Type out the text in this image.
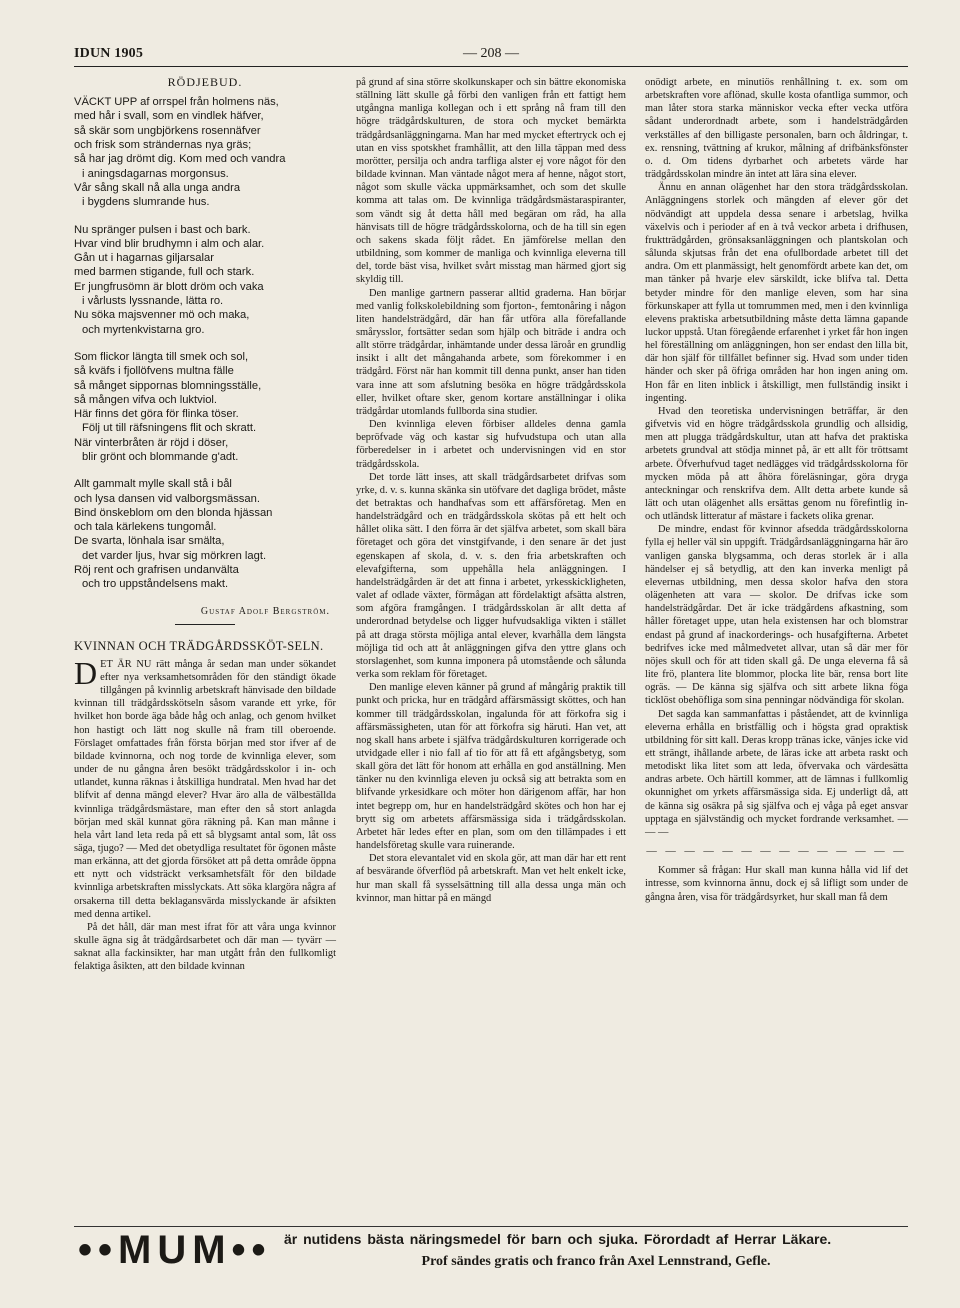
IDUN 1905	— 208 —
RÖDJEBUD.
VÄCKT UPP af orrspel från holmens näs,
med hår i svall, som en vindlek häfver,
så skär som ungbjörkens rosennäfver
och frisk som strändernas nya gräs;
så har jag drömt dig. Kom med och vandra
i aningsdagarnas morgonsus.
Vår sång skall nå alla unga andra
i bygdens slumrande hus.
Nu spränger pulsen i bast och bark.
Hvar vind blir brudhymn i alm och alar.
Gån ut i hagarnas giljarsalar
med barmen stigande, full och stark.
Er jungfrusömn är blott dröm och vaka
i vårlusts lyssnande, lätta ro.
Nu söka majsvenner mö och maka,
och myrtenkvistarna gro.
Som flickor längta till smek och sol,
så kväfs i fjollöfvens multna fälle
så månget sippornas blomningsställe,
så mången vifva och luktviol.
Här finns det göra för flinka töser.
Följ ut till räfsningens flit och skratt.
När vinterbråten är röjd i döser,
blir grönt och blommande g'adt.
Allt gammalt mylle skall stå i bål
och lysa dansen vid valborgsmässan.
Bind önskeblom om den blonda hjässan
och tala kärlekens tungomål.
De svarta, lönhala isar smälta,
det varder ljus, hvar sig mörkren lagt.
Röj rent och grafrisen undanvälta
och tro uppståndelsens makt.
Gustaf Adolf Bergström.
KVINNAN OCH TRÄDGÅRDSSKÖT-SELN.

DET ÄR NU rätt många år sedan man under sökandet efter nya verksamhetsområden för den ständigt ökade tillgången på kvinnlig arbetskraft hänvisade den bildade kvinnan till trädgårdsskötseln såsom varande ett yrke, för hvilket hon borde äga både håg och anlag, och genom hvilket hon hastigt och lätt nog skulle nå fram till oberoende. Förslaget omfattades från första början med stor ifver af de bildade kvinnorna, och nog torde de kvinnliga elever, som under de nu gångna åren besökt trädgårdsskolor i in- och utlandet, kunna räknas i åtskilliga hundratal. Men hvad har det blifvit af denna mängd elever? Hvar äro alla de välbeställda kvinnliga trädgårdsmästare, man efter den så stort anlagda början med skäl kunnat göra räkning på. Kan man månne i hela vårt land leta reda på ett så blygsamt antal som, låt oss säga, tjugo? — Med det obetydliga resultatet för ögonen måste man erkänna, att det gjorda försöket att på detta område öppna ett nytt och vidsträckt verksamhetsfält för den bildade kvinnliga arbetskraften misslyckats. Att söka klargöra några af orsakerna till detta beklagansvärda misslyckande är afsikten med denna artikel.

På det håll, där man mest ifrat för att våra unga kvinnor skulle ägna sig åt trädgårdsarbetet och där man — tyvärr — saknat alla fackinsikter, har man utgått från den fullkomligt felaktiga åsikten, att den bildade kvinnan

på grund af sina större skolkunskaper och sin bättre ekonomiska ställning lätt skulle gå förbi den vanligen från ett fattigt hem utgångna manliga kollegan och i ett språng nå fram till den högre trädgårdskulturen, de stora och mycket bemärkta trädgårdsanläggningarna. Man har med mycket eftertryck och ej utan en viss spotskhet framhållit, att den lilla täppan med dess morötter, persilja och andra tarfliga alster ej vore något för den bildade kvinnan. Man väntade något mera af henne, något stort, något som skulle väcka uppmärksamhet, och som det skulle komma att talas om. De kvinnliga trädgårdsmästaraspiranter, som vändt sig åt detta håll med begäran om råd, ha alla hänvisats till de högre trädgårdsskolorna, och de ha till sin egen och sakens skada följt rådet. En jämförelse mellan den utbildning, som kommer de manliga och kvinnliga eleverna till del, torde bäst visa, hvilket svårt misstag man härmed gjort sig skyldig till.

Den manlige gartnern passerar alltid graderna. Han börjar med vanlig folkskolebildning som fjorton-, femtonåring i någon liten handelsträdgård, där han får utföra alla förefallande smårysslor, fortsätter sedan som hjälp och biträde i andra och allt större trädgårdar, inhämtande under dessa läroår en grundlig insikt i allt det mångahanda arbete, som förekommer i en trädgård. Först när han kommit till denna punkt, anser han tiden vara inne att som afslutning besöka en högre trädgårdsskola eller, hvilket oftare sker, genom kortare anställningar i olika trädgårdar utomlands fullborda sina studier.

Den kvinnliga eleven förbiser alldeles denna gamla bepröfvade väg och kastar sig hufvudstupa och utan alla förberedelser in i arbetet och undervisningen vid en stor trädgårdsskola.

Det torde lätt inses, att skall trädgårdsarbetet drifvas som yrke, d. v. s. kunna skänka sin utöfvare det dagliga brödet, måste det betraktas och handhafvas som ett affärsföretag. Men en handelsträdgård och en trädgårdsskola skötas på ett helt och hållet olika sätt. I den förra är det själfva arbetet, som skall bära företaget och göra det vinstgifvande, i den senare är det just egenskapen af skola, d. v. s. den fria arbetskraften och elevafgifterna, som uppehålla hela anläggningen. I handelsträdgården är det att finna i arbetet, yrkesskickligheten, valet af odlade växter, förmågan att fördelaktigt afsätta alstren, som afgöra framgången. I trädgårdsskolan är allt detta af underordnad betydelse och ligger hufvudsakliga vikten i stället på att draga största möjliga antal elever, kvarhålla dem längsta möjliga tid och att åt anläggningen gifva den yttre glans och storslagenhet, som kunna imponera på utomstående och sålunda verka som reklam för företaget.

Den manlige eleven känner på grund af mångårig praktik till punkt och pricka, hur en trädgård affärsmässigt sköttes, och han kommer till trädgårdsskolan, ingalunda för att förkofra sig i affärsmässigheten, utan för att förkofra sig häruti. Han vet, att nog skall hans arbete i själfva trädgårdskulturen korrigerade och utvidgade eller i nio fall af tio för att få ett afgångsbetyg, som skall göra det lätt för honom att erhålla en god anställning. Men tänker nu den kvinnliga eleven ju också sig att betrakta som en blifvande yrkesidkare och möter hon därigenom affär, har hon intet begrepp om, hur en handelsträdgård skötes och hon har ej brytt sig om arbetets affärsmässiga sida i trädgårdsskolan. Arbetet här ledes efter en plan, som om den tillämpades i ett handelsföretag skulle vara ruinerande.

Det stora elevantalet vid en skola gör, att man där har ett rent af besvärande öfverflöd på arbetskraft. Man vet helt enkelt icke, hur man skall få sysselsättning till alla dessa unga män och kvinnor, man hittar på en mängd

onödigt arbete, en minutiös renhållning t. ex. som om arbetskraften vore aflönad, skulle kosta ofantliga summor, och man låter stora starka människor vecka efter vecka utföra sådant underordnadt arbete, som i handelsträdgården verkställes af den billigaste personalen, barn och åldringar, t. ex. rensning, tvättning af krukor, målning af drifbänksfönster o. d. Om tidens dyrbarhet och arbetets värde har trädgårdsskolan mindre än intet att lära sina elever.

Ännu en annan olägenhet har den stora trädgårdsskolan. Anläggningens storlek och mängden af elever gör det nödvändigt att uppdela dessa senare i arbetslag, hvilka växelvis och i perioder af en à två veckor arbeta i drifhusen, fruktträdgården, grönsaksanläggningen och plantskolan och sålunda skjutsas från det ena ofullbordade arbetet till det andra. Om ett planmässigt, helt genomfördt arbete kan det, om man tänker på hvarje elev särskildt, icke blifva tal. Detta betyder mindre för den manlige eleven, som har sina förkunskaper att fylla ut tomrummen med, men i den kvinnliga elevens praktiska arbetsutbildning måste detta lämna gapande luckor uppstå. Utan föregående erfarenhet i yrket får hon ingen hel föreställning om anläggningen, hon ser endast den lilla bit, där hon själf för tillfället befinner sig. Hvad som under tiden händer och sker på öfriga områden har hon ingen aning om. Hon får en liten inblick i åtskilligt, men fullständig insikt i ingenting.

Hvad den teoretiska undervisningen beträffar, är den gifvetvis vid en högre trädgårdsskola grundlig och allsidig, men att plugga trädgårdskultur, utan att hafva det praktiska arbetets grundval att stödja minnet på, är ett allt för tröttsamt arbete. Öfverhufvud taget nedlägges vid trädgårdsskolorna för mycken möda på att åhöra föreläsningar, göra dryga anteckningar och renskrifva dem. Allt detta arbete kunde så lätt och utan olägenhet alls ersättas genom nu förefintlig in- och utländsk litteratur af mästare i fackets olika grenar.

De mindre, endast för kvinnor afsedda trädgårdsskolorna fylla ej heller väl sin uppgift. Trädgårdsanläggningarna här äro vanligen ganska blygsamma, och deras storlek är i alla händelser ej så betydlig, att den kan inverka menligt på elevernas utbildning, men dessa skolor hafva den stora olägenheten att vara — skolor. De drifvas icke som handelsträdgårdar. Det är icke trädgårdens afkastning, som håller företaget uppe, utan hela existensen har och blomstrar endast på grund af inackorderings- och husafgifterna. Arbetet bedrifves icke med målmedvetet allvar, utan så där mer för nöjes skull och för att tiden skall gå. De unga eleverna få så lite frö, plantera lite blommor, plocka lite bär, rensa bort lite ogräs. — De känna sig själfva och sitt arbete likna föga ticklöst obehöfliga som sina penningar nödvändiga för skolan.

Det sagda kan sammanfattas i påståendet, att de kvinnliga eleverna erhålla en bristfällig och i högsta grad opraktisk utbildning för sitt kall. Deras kropp tränas icke, vänjes icke vid ett strängt, ihållande arbete, de läras icke att arbeta raskt och metodiskt lika litet som att leda, öfvervaka och värdesätta andras arbete. Och härtill kommer, att de lämnas i fullkomlig okunnighet om yrkets affärsmässiga sida. Ej underligt då, att de känna sig osäkra på sig själfva och ej våga på eget ansvar upptaga en självständig och mycket fordrande verksamhet. — — —

— — — — — — — — — — — — — —

Kommer så frågan: Hur skall man kunna hålla vid lif det intresse, som kvinnorna ännu, dock ej så lifligt som under de gångna åren, visa för trädgårdsyrket, hur skall man få dem

••MUM•• är nutidens bästa näringsmedel för barn och sjuka. Förordadt af Herrar Läkare.
Prof sändes gratis och franco från Axel Lennstrand, Gefle.
